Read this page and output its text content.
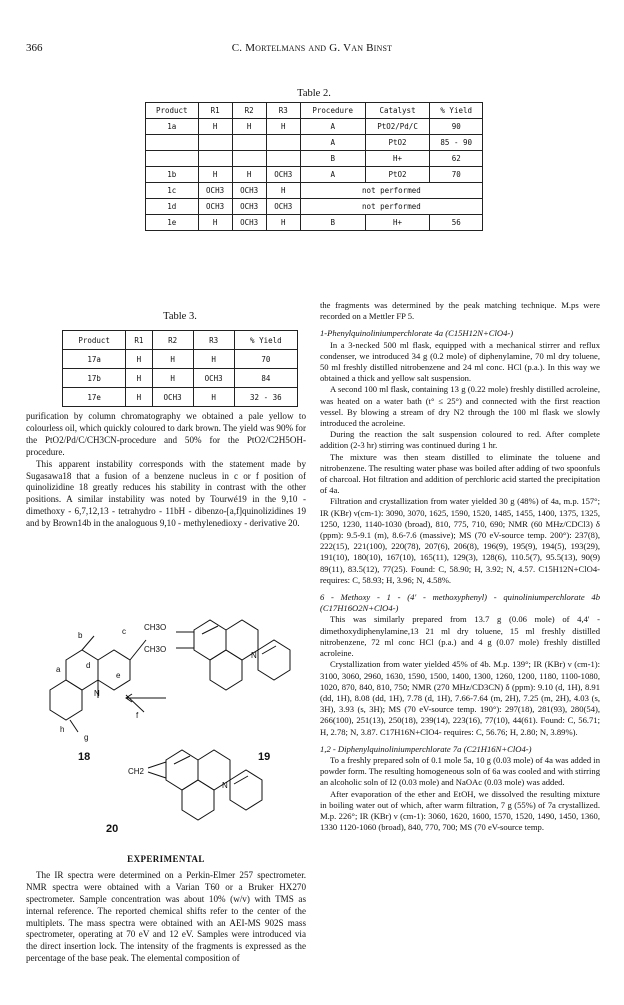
366	C. Mortelmans and G. Van Binst
Table 2.
Product	R1	R2	R3	Procedure	Catalyst	% Yield
1a	H	H	H	A	PtO2/Pd/C	90
				A	PtO2	85 - 90
				B	H+	62
1b	H	H	OCH3	A	PtO2	70
1c	OCH3	OCH3	H	not performed		
1d	OCH3	OCH3	OCH3	not performed		
1e	H	OCH3	H	B	H+	56
Table 3.
Product	R1	R2	R3	% Yield
17a	H	H	H	70
17b	H	H	OCH3	84
17e	H	OCH3	H	32 - 36

purification by column chromatography we obtained a pale yellow to colourless oil, which quickly coloured to dark brown. The yield was 90% for the PtO2/Pd/C/CH3CN-procedure and 50% for the PtO2/C2H5OH-procedure.

This apparent instability corresponds with the statement made by Sugasawa18 that a fusion of a benzene nucleus in c or f position of quinolizidine 18 greatly reduces his stability in contrast with the other positions. A similar instability was noted by Tourwé19 in the 9,10 - dimethoxy - 6,7,12,13 - tetrahydro - 11bH - dibenzo-[a,f]quinolizidines 19 and by Brown14b in the analoguous 9,10 - methylenedioxy - derivative 20.

b	c
a	d
e
f
h
g
N
18
CH3O
CH3O
N
19
CH2
N
20
EXPERIMENTAL

The IR spectra were determined on a Perkin-Elmer 257 spectrometer. NMR spectra were obtained with a Varian T60 or a Bruker HX270 spectrometer. Sample concentration was about 10% (w/v) with TMS as internal reference. The reported chemical shifts refer to the center of the multiplets. The mass spectra were obtained with an AEI-MS 902S mass spectrometer, operating at 70 eV and 12 eV. Samples were introduced via the direct insertion lock. The intensity of the fragments is expressed as the percentage of the base peak. The elemental composition of

the fragments was determined by the peak matching technique. M.ps were recorded on a Mettler FP 5.

1-Phenylquinoliniumperchlorate 4a (C15H12N+ClO4-)

In a 3-necked 500 ml flask, equipped with a mechanical stirrer and reflux condenser, we introduced 34 g (0.2 mole) of diphenylamine, 70 ml dry toluene, 50 ml freshly distilled nitrobenzene and 24 ml conc. HCl (p.a.). In this way we obtained a thick and yellow salt suspension.

A second 100 ml flask, containing 13 g (0.22 mole) freshly distilled acroleine, was heated on a water bath (t° ≤ 25°) and connected with the first reaction vessel. By blowing a stream of dry N2 through the 100 ml flask we slowly introduced the acroleine.

During the reaction the salt suspension coloured to red. After complete addition (2-3 hr) stirring was continued during 1 hr.

The mixture was then steam distilled to eliminate the toluene and nitrobenzene. The resulting water phase was boiled after adding of two spoonfuls of charcoal. Hot filtration and addition of perchloric acid started the precipitation of 4a.

Filtration and crystallization from water yielded 30 g (48%) of 4a, m.p. 157°; IR (KBr) ν(cm-1): 3090, 3070, 1625, 1590, 1520, 1485, 1455, 1400, 1375, 1325, 1250, 1230, 1140-1030 (broad), 810, 775, 710, 690; NMR (60 MHz/CDCl3) δ (ppm): 9.5-9.1 (m), 8.6-7.6 (massive); MS (70 eV-source temp. 200°): 237(8), 222(15), 221(100), 220(78), 207(6), 206(8), 196(9), 195(9), 194(5), 193(29), 191(10), 180(10), 167(10), 165(11), 129(3), 128(6), 110.5(7), 95.5(13), 90(9) 89(11), 83.5(12), 77(25). Found: C, 58.90; H, 3.92; N, 4.57. C15H12N+ClO4- requires: C, 58.93; H, 3.96; N, 4.58%.

6 - Methoxy - 1 - (4' - methoxyphenyl) - quinoliniumperchlorate 4b (C17H16O2N+ClO4-)

This was similarly prepared from 13.7 g (0.06 mole) of 4,4' - dimethoxydiphenylamine,13 21 ml dry toluene, 15 ml freshly distilled nitrobenzene, 72 ml conc HCl (p.a.) and 4 g (0.07 mole) freshly distilled acroleine.

Crystallization from water yielded 45% of 4b. M.p. 139°; IR (KBr) ν (cm-1): 3100, 3060, 2960, 1630, 1590, 1500, 1400, 1300, 1260, 1200, 1180, 1100-1080, 1020, 870, 840, 810, 750; NMR (270 MHz/CD3CN) δ (ppm): 9.10 (d, 1H), 8.91 (dd, 1H), 8.08 (dd, 1H), 7.78 (d, 1H), 7.66-7.64 (m, 2H), 7.25 (m, 2H), 4.03 (s, 3H), 3.93 (s, 3H); MS (70 eV-source temp. 190°): 297(18), 281(93), 280(54), 266(100), 251(13), 250(18), 239(14), 223(16), 77(10), 44(61). Found: C, 56.71; H, 2.78; N, 3.87. C17H16N+ClO4- requires: C, 56.76; H, 2.80; N, 3.89%).

1,2 - Diphenylquinoliniumperchlorate 7a (C21H16N+ClO4-)

To a freshly prepared soln of 0.1 mole 5a, 10 g (0.03 mole) of 4a was added in powder form. The resulting homogeneous soln of 6a was cooled and with stirring an alcoholic soln of I2 (0.03 mole) and NaOAc (0.03 mole) was added.

After evaporation of the ether and EtOH, we dissolved the resulting mixture in boiling water out of which, after warm filtration, 7 g (55%) of 7a crystallized. M.p. 226°; IR (KBr) ν (cm-1): 3060, 1620, 1600, 1570, 1520, 1490, 1450, 1360, 1330 1120-1060 (broad), 840, 770, 700; MS (70 eV-source temp.
